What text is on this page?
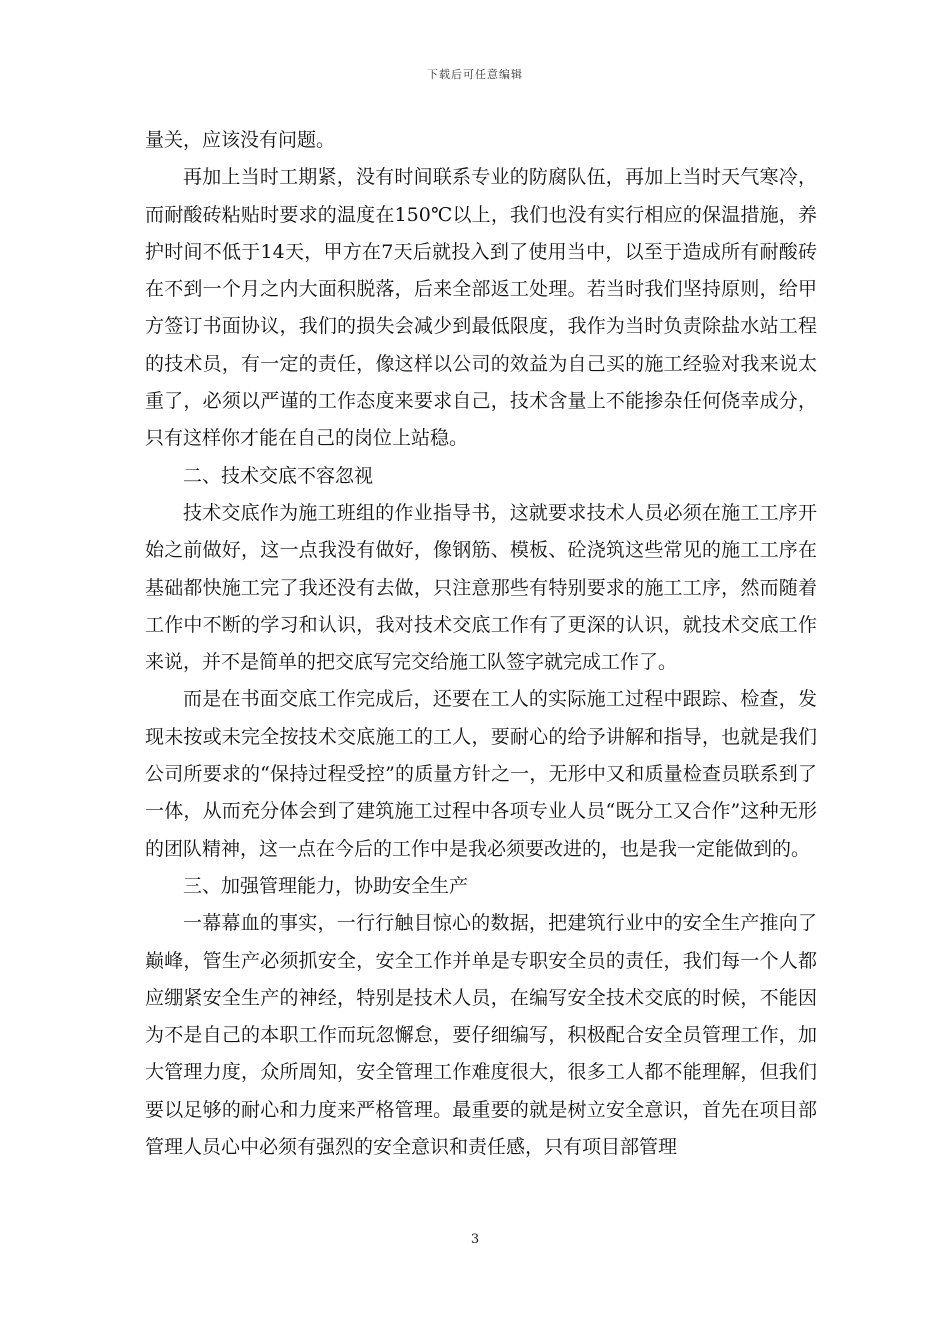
下载后可任意编辑

量关，应该没有问题。

再加上当时工期紧，没有时间联系专业的防腐队伍，再加上当时天气寒冷，而耐酸砖粘贴时要求的温度在150℃以上，我们也没有实行相应的保温措施，养护时间不低于14天，甲方在7天后就投入到了使用当中，以至于造成所有耐酸砖在不到一个月之内大面积脱落，后来全部返工处理。若当时我们坚持原则，给甲方签订书面协议，我们的损失会减少到最低限度，我作为当时负责除盐水站工程的技术员，有一定的责任，像这样以公司的效益为自己买的施工经验对我来说太重了，必须以严谨的工作态度来要求自己，技术含量上不能掺杂任何侥幸成分，只有这样你才能在自己的岗位上站稳。

二、技术交底不容忽视

技术交底作为施工班组的作业指导书，这就要求技术人员必须在施工工序开始之前做好，这一点我没有做好，像钢筋、模板、砼浇筑这些常见的施工工序在基础都快施工完了我还没有去做，只注意那些有特别要求的施工工序，然而随着工作中不断的学习和认识，我对技术交底工作有了更深的认识，就技术交底工作来说，并不是简单的把交底写完交给施工队签字就完成工作了。

而是在书面交底工作完成后，还要在工人的实际施工过程中跟踪、检查，发现未按或未完全按技术交底施工的工人，要耐心的给予讲解和指导，也就是我们公司所要求的“保持过程受控”的质量方针之一，无形中又和质量检查员联系到了一体，从而充分体会到了建筑施工过程中各项专业人员“既分工又合作”这种无形的团队精神，这一点在今后的工作中是我必须要改进的，也是我一定能做到的。

三、加强管理能力，协助安全生产

一幕幕血的事实，一行行触目惊心的数据，把建筑行业中的安全生产推向了巅峰，管生产必须抓安全，安全工作并单是专职安全员的责任，我们每一个人都应绷紧安全生产的神经，特别是技术人员，在编写安全技术交底的时候，不能因为不是自己的本职工作而玩忽懈怠，要仔细编写，积极配合安全员管理工作，加大管理力度，众所周知，安全管理工作难度很大，很多工人都不能理解，但我们要以足够的耐心和力度来严格管理。最重要的就是树立安全意识，首先在项目部管理人员心中必须有强烈的安全意识和责任感，只有项目部管理

3
